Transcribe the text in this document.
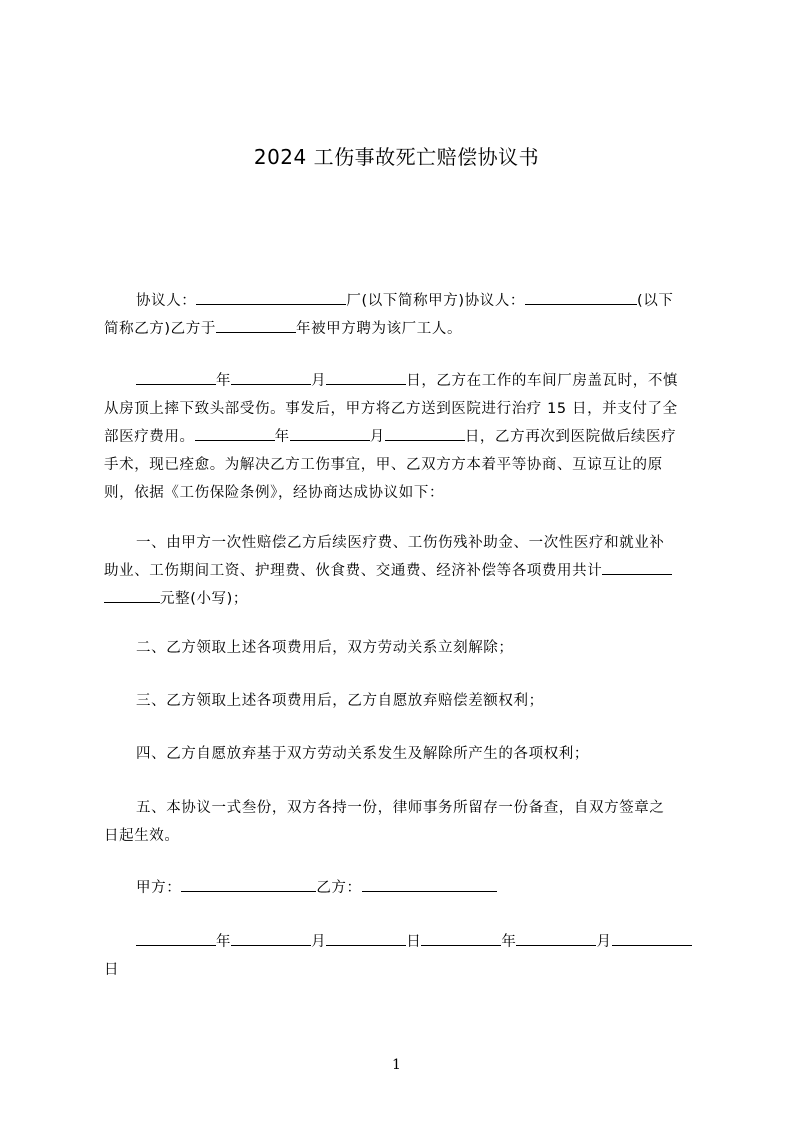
2024 工伤事故死亡赔偿协议书
协议人：	厂(以下简称甲方)协议人：	(以下
简称乙方)乙方于	年被甲方聘为该厂工人。
年	月	日，乙方在工作的车间厂房盖瓦时，不慎
从房顶上摔下致头部受伤。事发后，甲方将乙方送到医院进行治疗 15 日，并支付了全
部医疗费用。	年	月	日，乙方再次到医院做后续医疗
手术，现已痊愈。为解决乙方工伤事宜，甲、乙双方方本着平等协商、互谅互让的原
则，依据《工伤保险条例》，经协商达成协议如下：
一、由甲方一次性赔偿乙方后续医疗费、工伤伤残补助金、一次性医疗和就业补
助业、工伤期间工资、护理费、伙食费、交通费、经济补偿等各项费用共计
元整(小写)；
二、乙方领取上述各项费用后，双方劳动关系立刻解除；
三、乙方领取上述各项费用后，乙方自愿放弃赔偿差额权利；
四、乙方自愿放弃基于双方劳动关系发生及解除所产生的各项权利；
五、本协议一式叁份，双方各持一份，律师事务所留存一份备查，自双方签章之
日起生效。
甲方：	乙方：
年	月	日	年	月
日
1
